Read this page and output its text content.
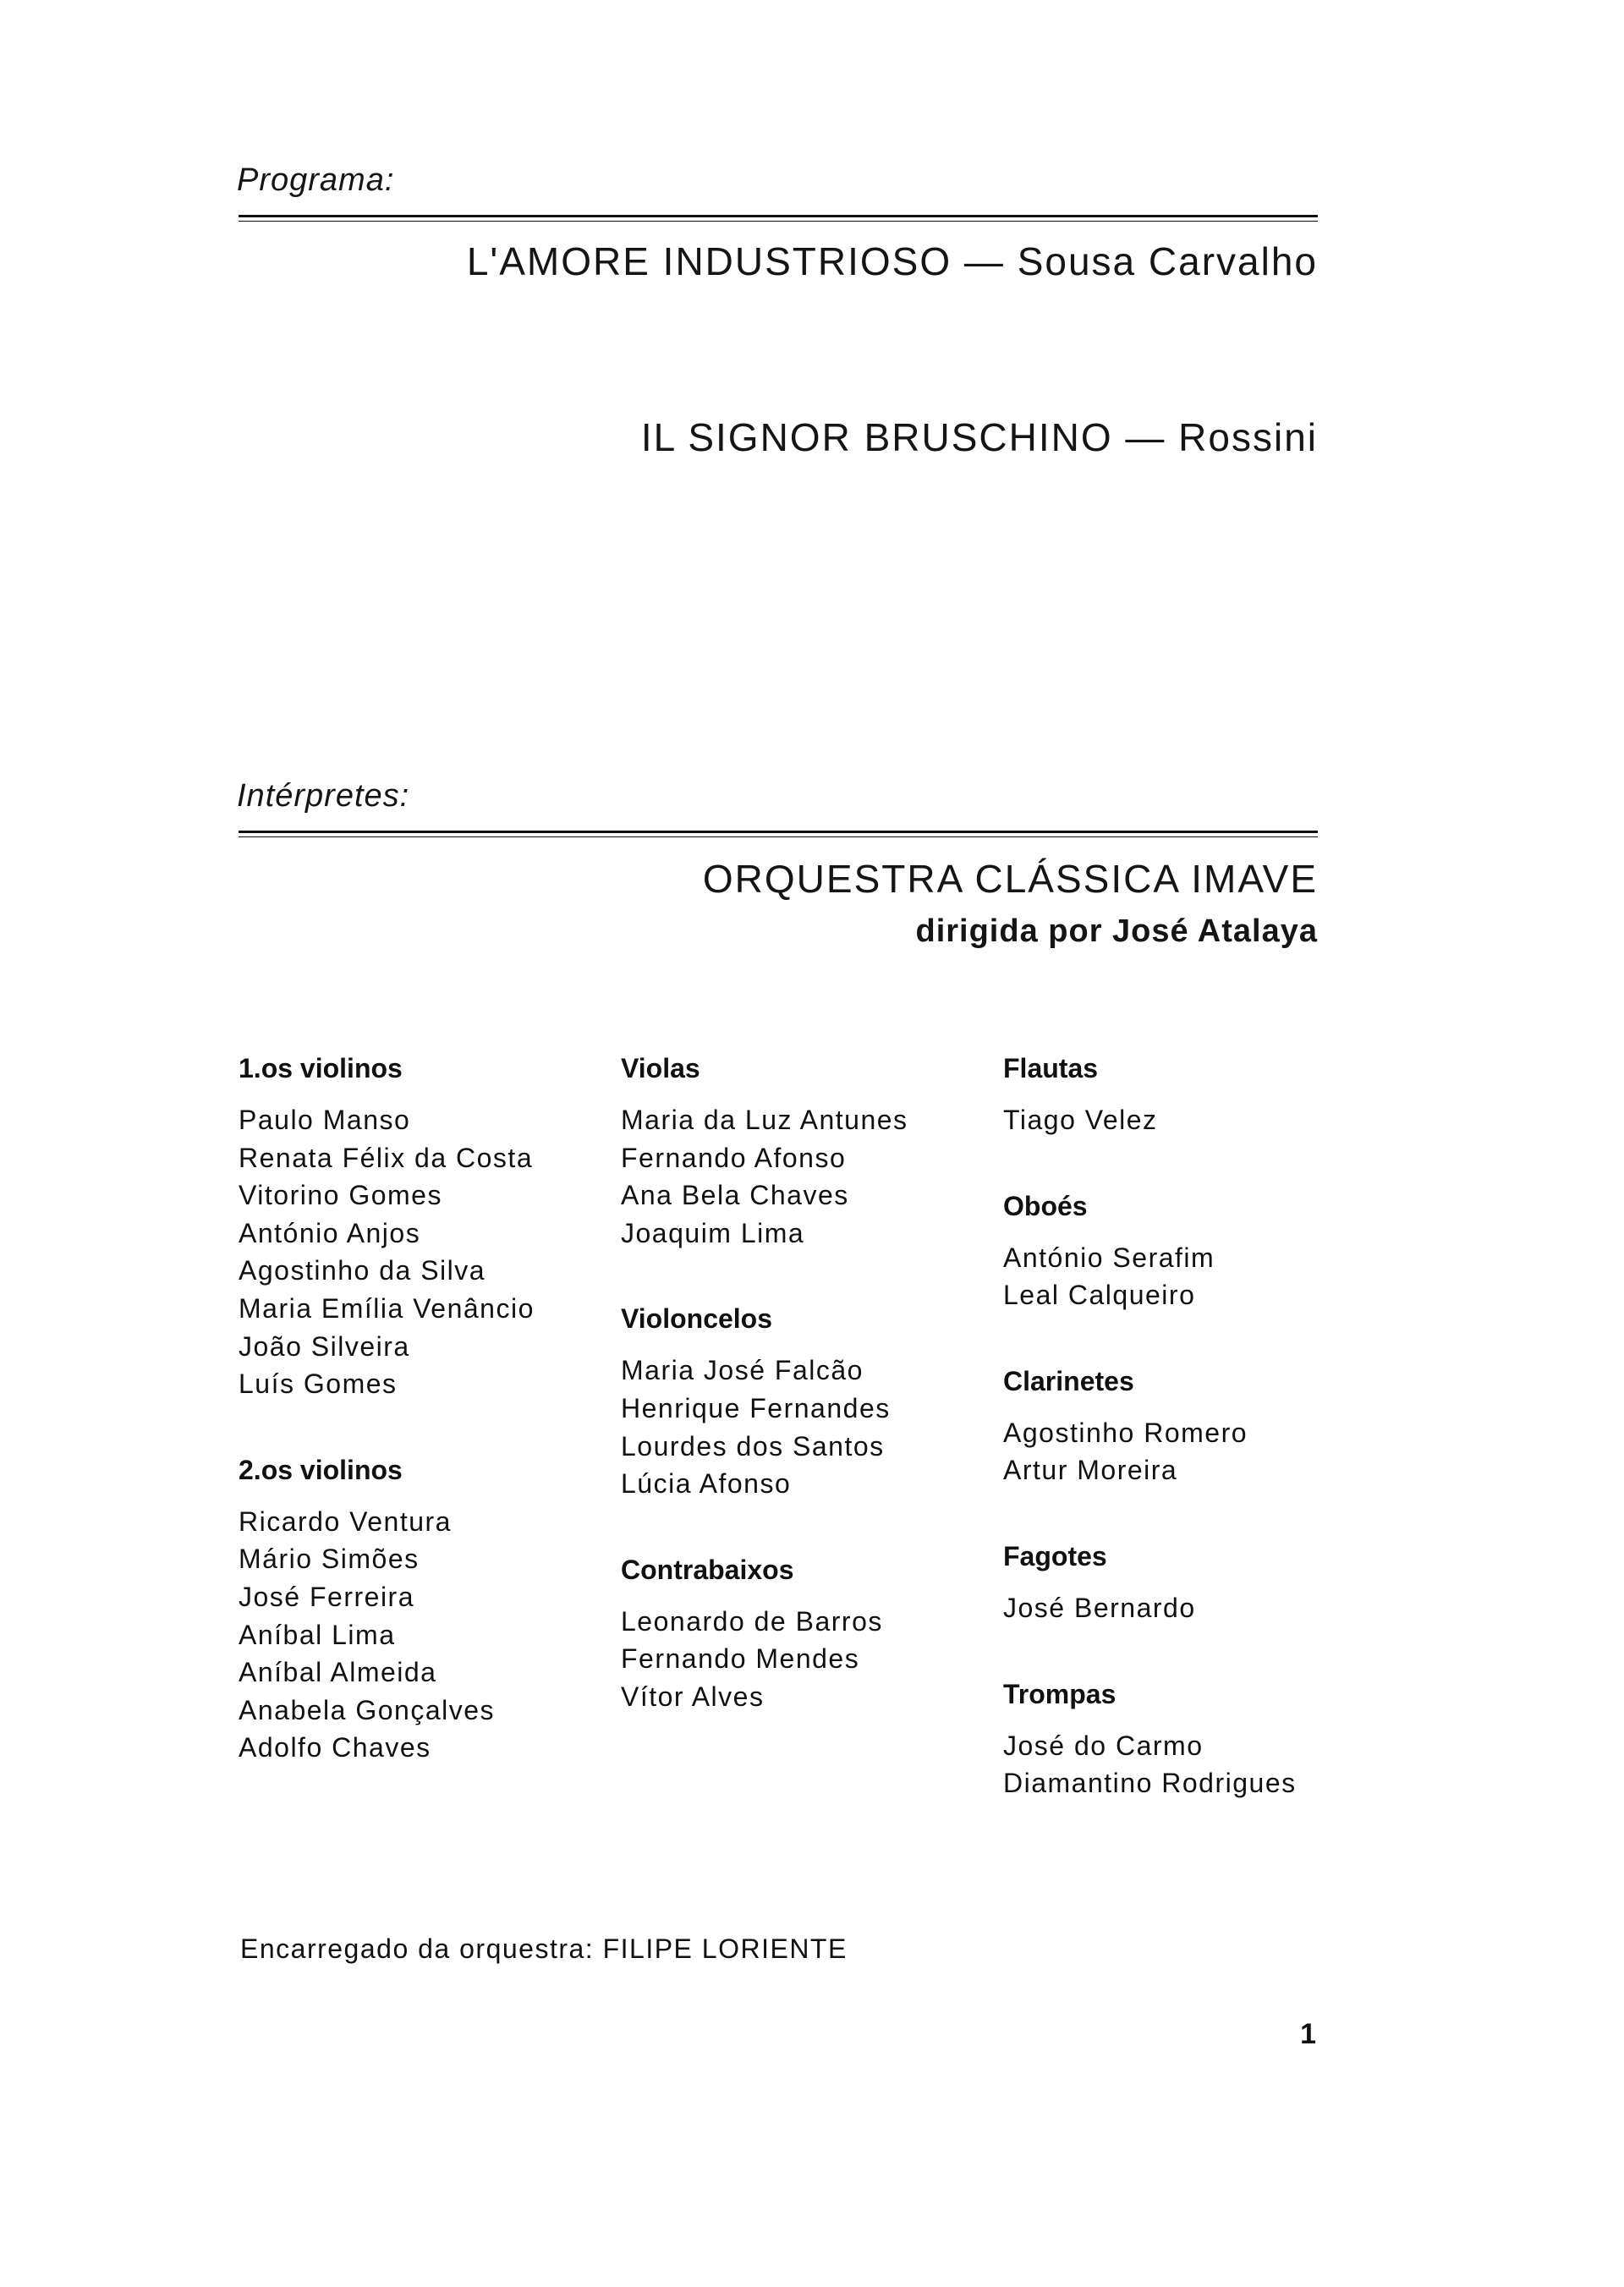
Programa:
L'AMORE INDUSTRIOSO — Sousa Carvalho
IL SIGNOR BRUSCHINO — Rossini
Intérpretes:
ORQUESTRA CLÁSSICA IMAVE
dirigida por José Atalaya
1.os violinos
Paulo Manso
Renata Félix da Costa
Vitorino Gomes
António Anjos
Agostinho da Silva
Maria Emília Venâncio
João Silveira
Luís Gomes
2.os violinos
Ricardo Ventura
Mário Simões
José Ferreira
Aníbal Lima
Aníbal Almeida
Anabela Gonçalves
Adolfo Chaves
Violas
Maria da Luz Antunes
Fernando Afonso
Ana Bela Chaves
Joaquim Lima
Violoncelos
Maria José Falcão
Henrique Fernandes
Lourdes dos Santos
Lúcia Afonso
Contrabaixos
Leonardo de Barros
Fernando Mendes
Vítor Alves
Flautas
Tiago Velez
Oboés
António Serafim
Leal Calqueiro
Clarinetes
Agostinho Romero
Artur Moreira
Fagotes
José Bernardo
Trompas
José do Carmo
Diamantino Rodrigues
Encarregado da orquestra: FILIPE LORIENTE
1
